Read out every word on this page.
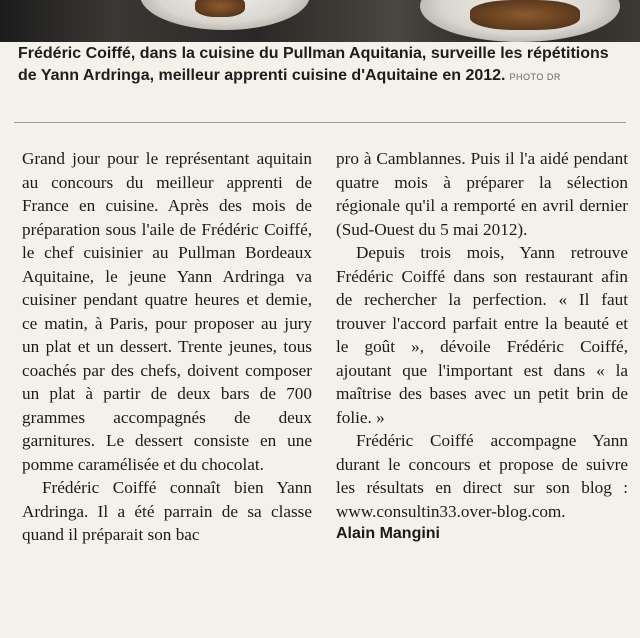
Frédéric Coiffé, dans la cuisine du Pullman Aquitania, surveille les répétitions de Yann Ardringa, meilleur apprenti cuisine d'Aquitaine en 2012. PHOTO DR

Grand jour pour le représentant aquitain au concours du meilleur apprenti de France en cuisine. Après des mois de préparation sous l'aile de Frédéric Coiffé, le chef cuisinier au Pullman Bordeaux Aquitaine, le jeune Yann Ardringa va cuisiner pendant quatre heures et demie, ce matin, à Paris, pour proposer au jury un plat et un dessert. Trente jeunes, tous coachés par des chefs, doivent composer un plat à partir de deux bars de 700 grammes accompagnés de deux garnitures. Le dessert consiste en une pomme caramélisée et du chocolat.

Frédéric Coiffé connaît bien Yann Ardringa. Il a été parrain de sa classe quand il préparait son bac

pro à Camblannes. Puis il l'a aidé pendant quatre mois à préparer la sélection régionale qu'il a remporté en avril dernier (Sud-Ouest du 5 mai 2012).

Depuis trois mois, Yann retrouve Frédéric Coiffé dans son restaurant afin de rechercher la perfection. « Il faut trouver l'accord parfait entre la beauté et le goût », dévoile Frédéric Coiffé, ajoutant que l'important est dans « la maîtrise des bases avec un petit brin de folie. »

Frédéric Coiffé accompagne Yann durant le concours et propose de suivre les résultats en direct sur son blog : www.consultin33.over-blog.com.

Alain Mangini
